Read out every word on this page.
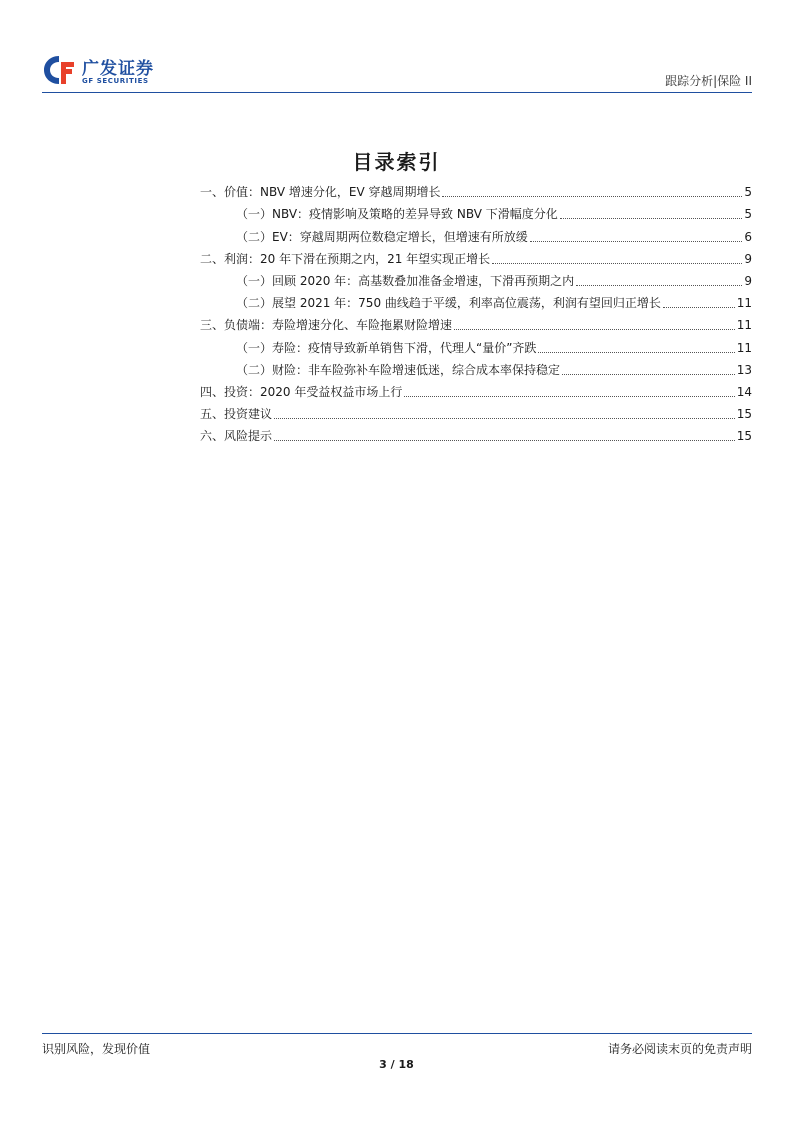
广发证券
GF SECURITIES	跟踪分析|保险 II
目录索引
一、价值：NBV 增速分化，EV 穿越周期增长	5
（一）NBV：疫情影响及策略的差异导致 NBV 下滑幅度分化	5
（二）EV：穿越周期两位数稳定增长，但增速有所放缓	6
二、利润：20 年下滑在预期之内，21 年望实现正增长	9
（一）回顾 2020 年：高基数叠加准备金增速，下滑再预期之内	9
（二）展望 2021 年：750 曲线趋于平缓，利率高位震荡，利润有望回归正增长	11
三、负债端：寿险增速分化、车险拖累财险增速	11
（一）寿险：疫情导致新单销售下滑，代理人“量价”齐跌	11
（二）财险：非车险弥补车险增速低迷，综合成本率保持稳定	13
四、投资：2020 年受益权益市场上行	14
五、投资建议	15
六、风险提示	15
识别风险，发现价值	请务必阅读末页的免责声明
3 / 18
